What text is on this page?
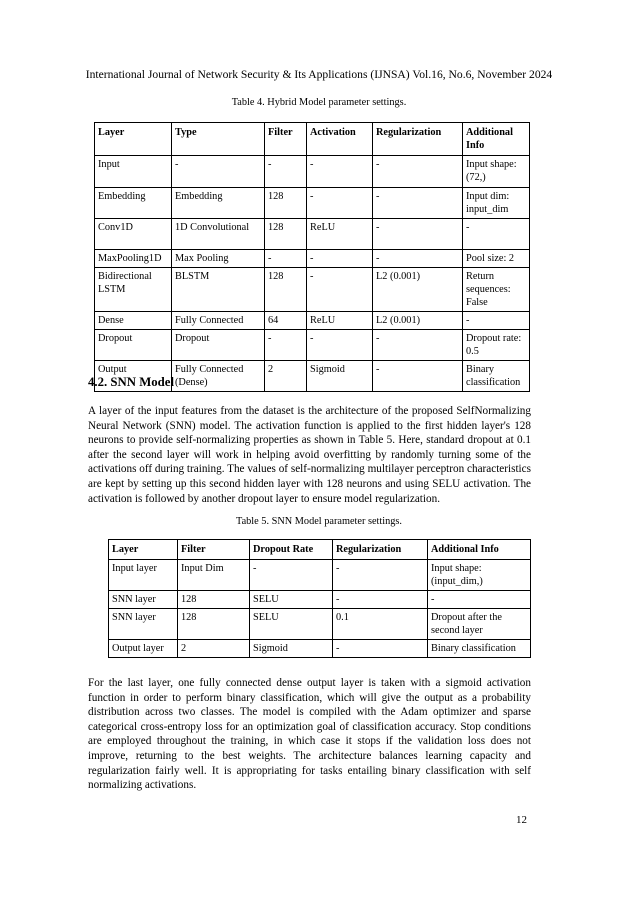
International Journal of Network Security & Its Applications (IJNSA) Vol.16, No.6, November 2024
Table 4. Hybrid Model parameter settings.
Layer	Type	Filter	Activation	Regularization	Additional Info
Input	-	-	-	-	Input shape: (72,)
Embedding	Embedding	128	-	-	Input dim: input_dim
Conv1D	1D Convolutional	128	ReLU	-	-
MaxPooling1D	Max Pooling	-	-	-	Pool size: 2
Bidirectional LSTM	BLSTM	128	-	L2 (0.001)	Return sequences: False
Dense	Fully Connected	64	ReLU	L2 (0.001)	-
Dropout	Dropout	-	-	-	Dropout rate: 0.5
Output	Fully Connected (Dense)	2	Sigmoid	-	Binary classification
4.2. SNN Model

A layer of the input features from the dataset is the architecture of the proposed SelfNormalizing Neural Network (SNN) model. The activation function is applied to the first hidden layer's 128 neurons to provide self-normalizing properties as shown in Table 5. Here, standard dropout at 0.1 after the second layer will work in helping avoid overfitting by randomly turning some of the activations off during training. The values of self-normalizing multilayer perceptron characteristics are kept by setting up this second hidden layer with 128 neurons and using SELU activation. The activation is followed by another dropout layer to ensure model regularization.

Table 5. SNN Model parameter settings.
Layer	Filter	Dropout Rate	Regularization	Additional Info
Input layer	Input Dim	-	-	Input shape: (input_dim,)
SNN layer	128	SELU	-	-
SNN layer	128	SELU	0.1	Dropout after the second layer
Output layer	2	Sigmoid	-	Binary classification

For the last layer, one fully connected dense output layer is taken with a sigmoid activation function in order to perform binary classification, which will give the output as a probability distribution across two classes. The model is compiled with the Adam optimizer and sparse categorical cross-entropy loss for an optimization goal of classification accuracy. Stop conditions are employed throughout the training, in which case it stops if the validation loss does not improve, returning to the best weights. The architecture balances learning capacity and regularization fairly well. It is appropriating for tasks entailing binary classification with self normalizing activations.

12
